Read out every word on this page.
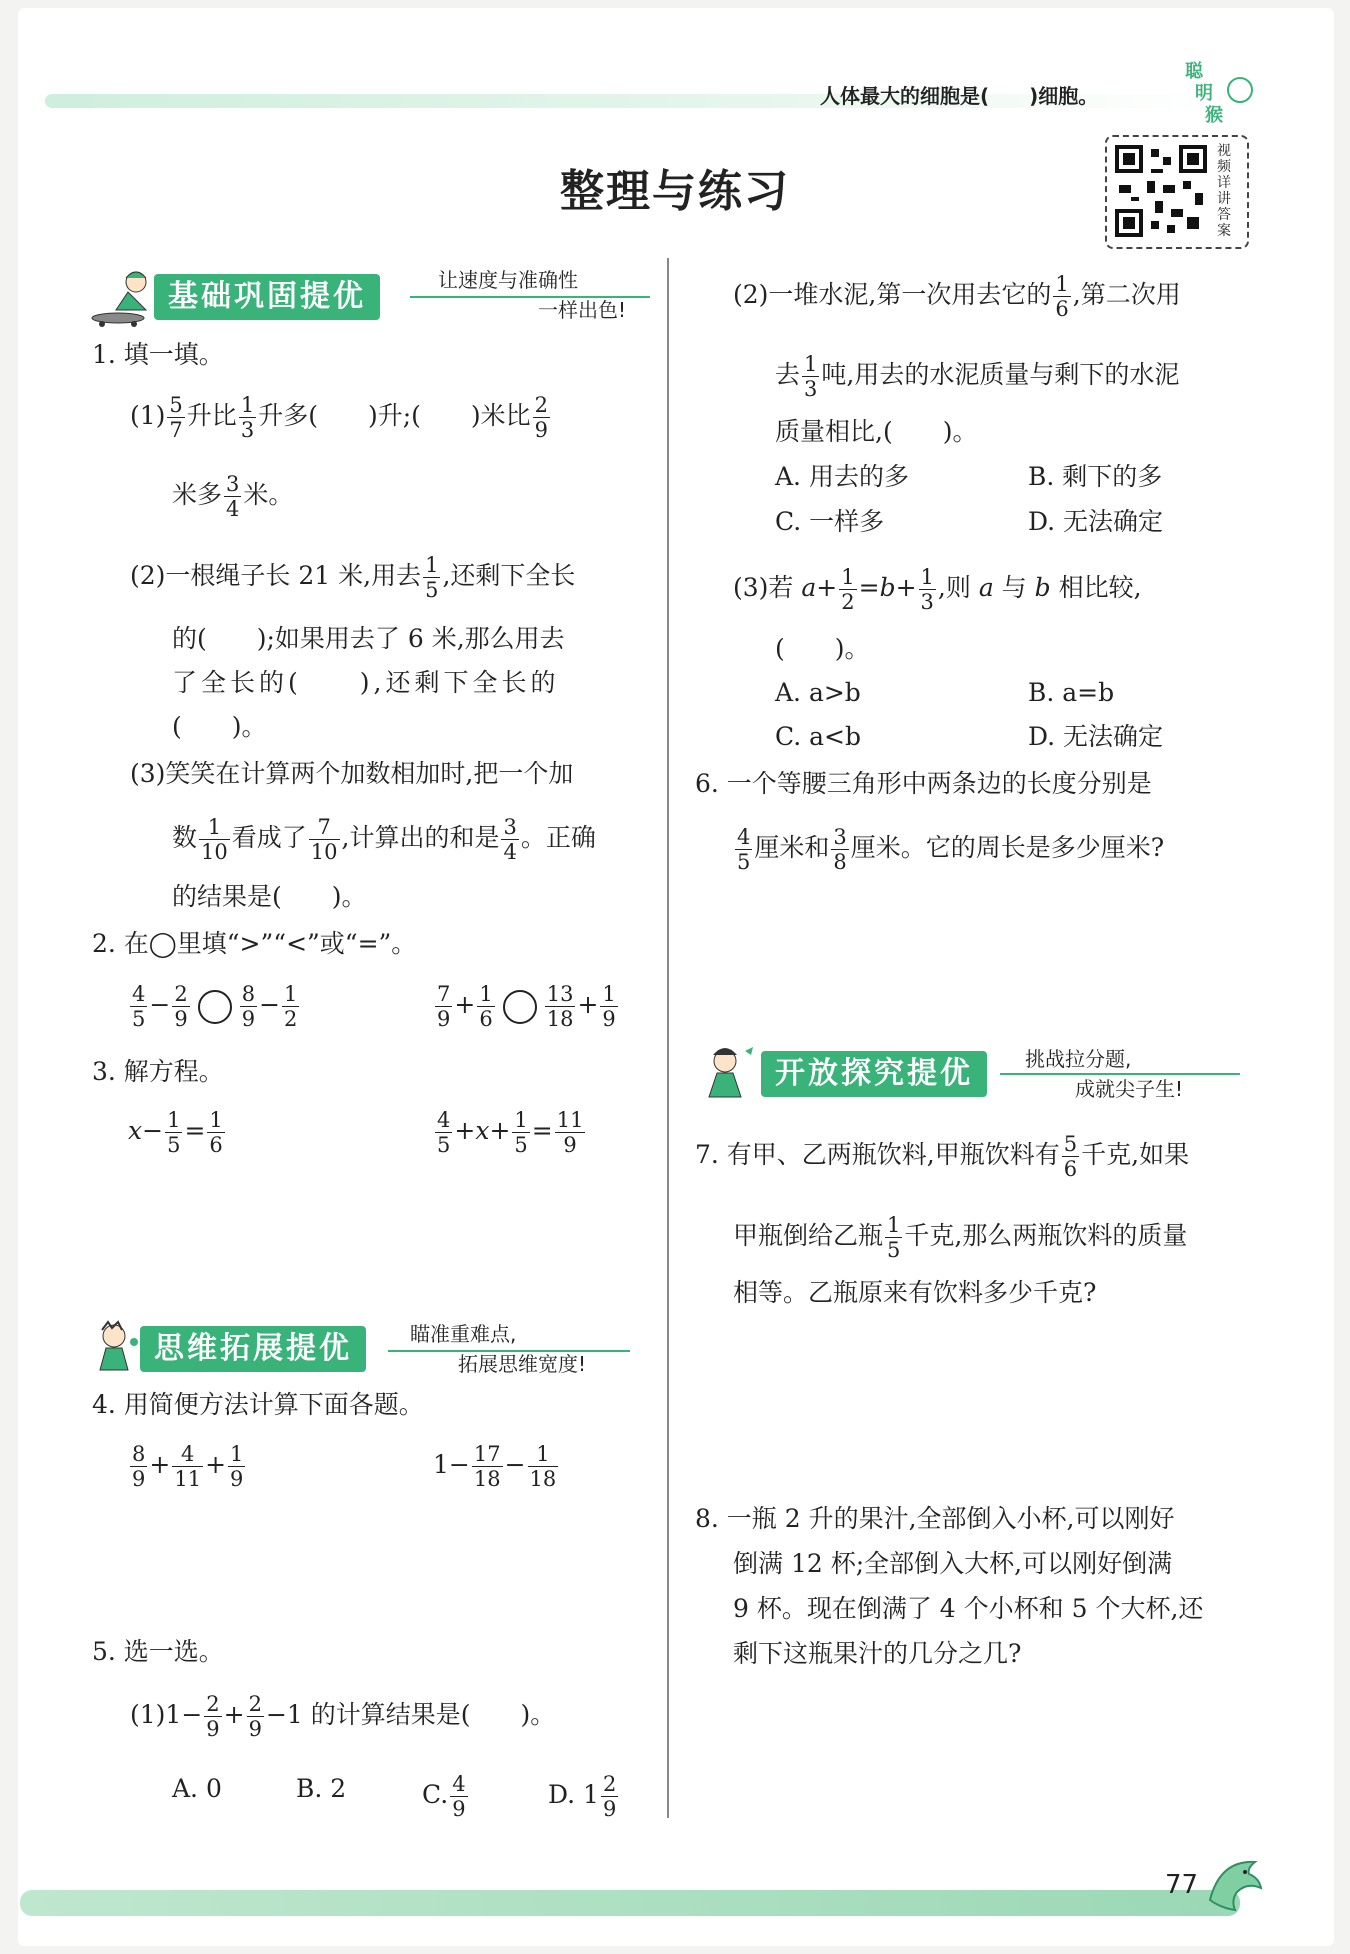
人体最大的细胞是(　　)细胞。
聪
明
猴
整理与练习
视频详讲答案
基础巩固提优	让速度与准确性
一样出色!
1. 填一填。
$(1) \frac{5}{7}$ 升比 $\frac{1}{3}$ 升多(　　)升;(　　)米比 $\frac{2}{9}$
米多 $\frac{3}{4}$ 米。
(2)一根绳子长 21 米,用去 $\frac{1}{5}$ ,还剩下全长
的(　　);如果用去了 6 米,那么用去
了全长的(　　),还剩下全长的
(　　)。
(3)笑笑在计算两个加数相加时,把一个加
数 $\frac{1}{10}$ 看成了 $\frac{7}{10}$ ,计算出的和是 $\frac{3}{4}$ 。正确
的结果是(　　)。
2. 在◯里填“>”“<”或“=”。
$\frac{4}{5} - \frac{2}{9} \frac{8}{9} - \frac{1}{2}$	$\frac{7}{9} + \frac{1}{6} \frac{13}{18} + \frac{1}{9}$
3. 解方程。
$x- \frac{1}{5} = \frac{1}{6}$	$\frac{4}{5} +x+ \frac{1}{5} = \frac{11}{9}$
思维拓展提优	瞄准重难点,
拓展思维宽度!
4. 用简便方法计算下面各题。
$\frac{8}{9} + \frac{4}{11} + \frac{1}{9}$	$1- \frac{17}{18} - \frac{1}{18}$
5. 选一选。
$(1)1- \frac{2}{9} + \frac{2}{9} -1$ 的计算结果是(　　)。
A. 0	B. 2	C. $\frac{4}{9}$	D. $1 \frac{2}{9}$
(2)一堆水泥,第一次用去它的 $\frac{1}{6}$ ,第二次用
去 $\frac{1}{3}$ 吨,用去的水泥质量与剩下的水泥
质量相比,(　　)。
A. 用去的多	B. 剩下的多
C. 一样多	D. 无法确定
(3)若 $a+ \frac{1}{2} =b+ \frac{1}{3}$ ,则 a 与 b 相比较,
(　　)。
A. a>b	B. a=b
C. a<b	D. 无法确定
6. 一个等腰三角形中两条边的长度分别是
$\frac{4}{5}$ 厘米和 $\frac{3}{8}$ 厘米。它的周长是多少厘米?
开放探究提优	挑战拉分题,
成就尖子生!
7. 有甲、乙两瓶饮料,甲瓶饮料有 $\frac{5}{6}$ 千克,如果
甲瓶倒给乙瓶 $\frac{1}{5}$ 千克,那么两瓶饮料的质量
相等。乙瓶原来有饮料多少千克?
8. 一瓶 2 升的果汁,全部倒入小杯,可以刚好
倒满 12 杯;全部倒入大杯,可以刚好倒满
9 杯。现在倒满了 4 个小杯和 5 个大杯,还
剩下这瓶果汁的几分之几?
77
